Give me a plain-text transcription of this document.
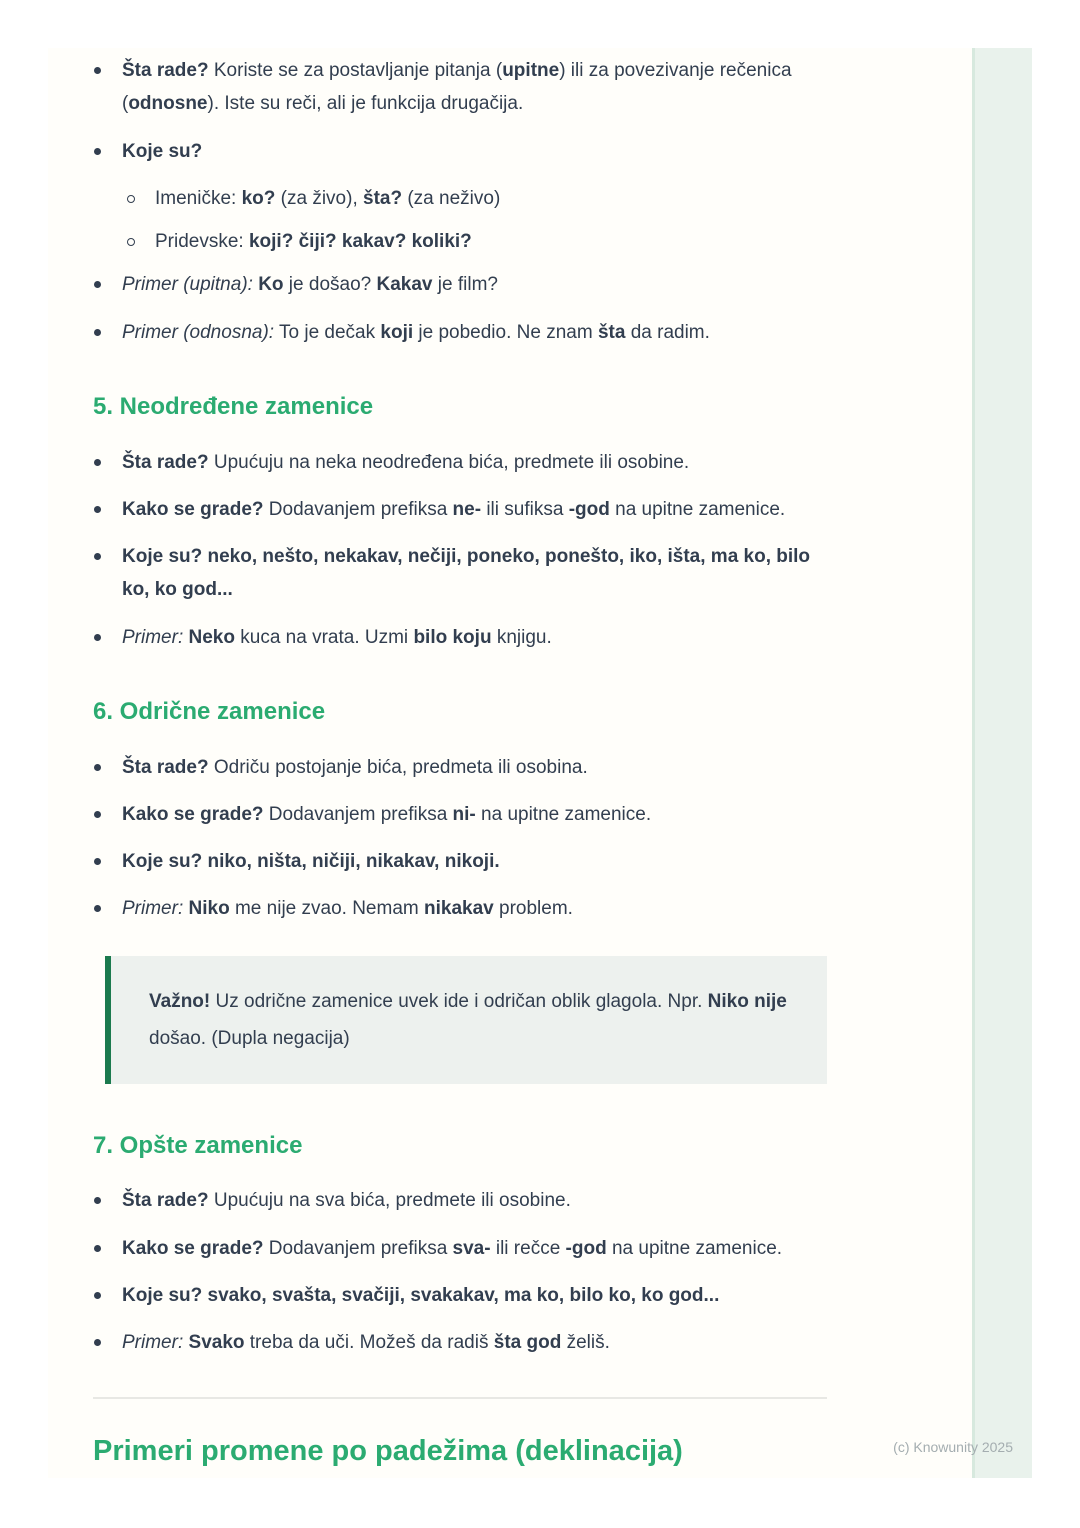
Šta rade? Koriste se za postavljanje pitanja (upitne) ili za povezivanje rečenica (odnosne). Iste su reči, ali je funkcija drugačija.
Koje su?
Imeničke: ko? (za živo), šta? (za neživo)
Pridevske: koji? čiji? kakav? koliki?
Primer (upitna): Ko je došao? Kakav je film?
Primer (odnosna): To je dečak koji je pobedio. Ne znam šta da radim.
5. Neodređene zamenice
Šta rade? Upućuju na neka neodređena bića, predmete ili osobine.
Kako se grade? Dodavanjem prefiksa ne- ili sufiksa -god na upitne zamenice.
Koje su? neko, nešto, nekakav, nečiji, poneko, ponešto, iko, išta, ma ko, bilo ko, ko god...
Primer: Neko kuca na vrata. Uzmi bilo koju knjigu.
6. Odrične zamenice
Šta rade? Odriču postojanje bića, predmeta ili osobina.
Kako se grade? Dodavanjem prefiksa ni- na upitne zamenice.
Koje su? niko, ništa, ničiji, nikakav, nikoji.
Primer: Niko me nije zvao. Nemam nikakav problem.
Važno! Uz odrične zamenice uvek ide i odričan oblik glagola. Npr. Niko nije došao. (Dupla negacija)
7. Opšte zamenice
Šta rade? Upućuju na sva bića, predmete ili osobine.
Kako se grade? Dodavanjem prefiksa sva- ili rečce -god na upitne zamenice.
Koje su? svako, svašta, svačiji, svakakav, ma ko, bilo ko, ko god...
Primer: Svako treba da uči. Možeš da radiš šta god želiš.
Primeri promene po padežima (deklinacija)	(c) Knowunity 2025
